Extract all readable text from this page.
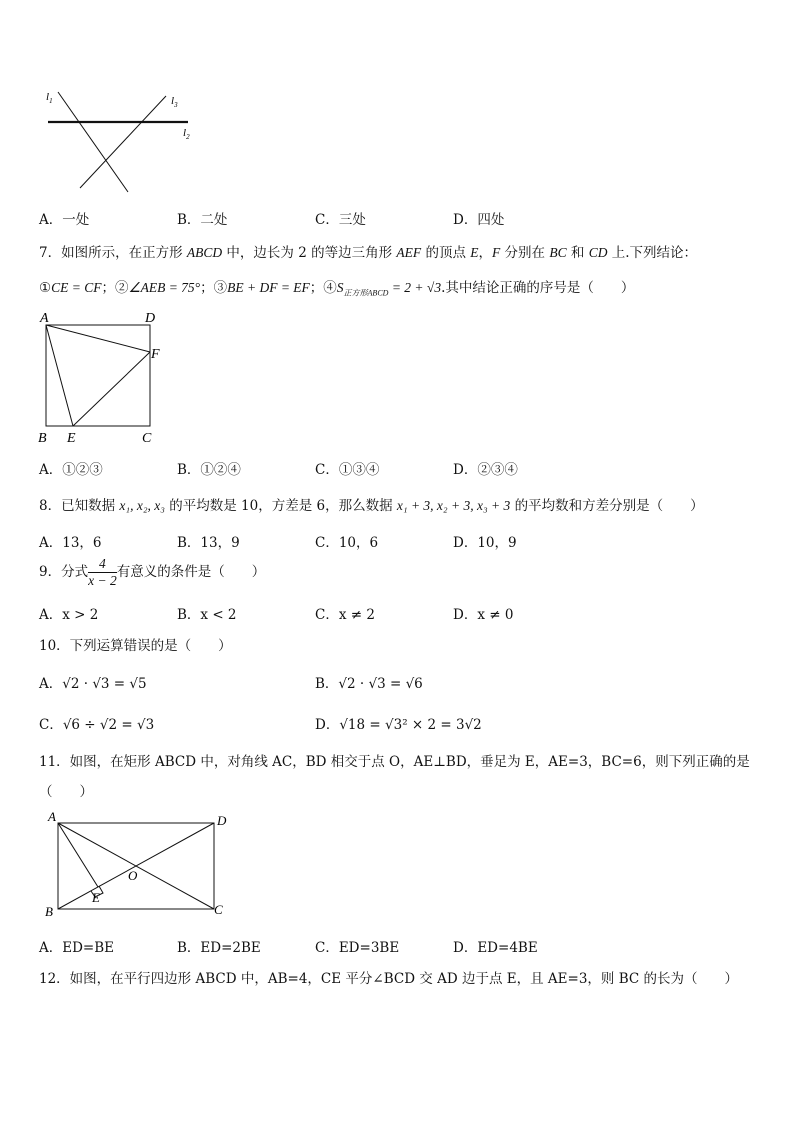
$l_1$	$l_3$
$l_2$
A．一处	B．二处	C．三处	D．四处
7．如图所示，在正方形 ABCD 中，边长为 2 的等边三角形 AEF 的顶点 E，F 分别在 BC 和 CD 上.下列结论：
①CE = CF；②∠AEB = 75°；③BE + DF = EF；$④S_{正方形ABCD} = 2 + √3$.其中结论正确的序号是（　　）
A	D
F
B E	C
A．①②③	B．①②④	C．①③④	D．②③④
8．已知数据 x₁, x₂, x₃ 的平均数是 10，方差是 6，那么数据 x₁ + 3, x₂ + 3, x₃ + 3 的平均数和方差分别是（　　）
A．13，6	B．13，9	C．10，6	D．10，9
9．分式 $\frac{4}{x - 2}$ 有意义的条件是（　　）
A．x > 2	B．x < 2	C．x ≠ 2	D．x ≠ 0
10．下列运算错误的是（　　）
A．√2 · √3 = √5	B．√2 · √3 = √6
C．√6 ÷ √2 = √3	D．√18 = √3² × 2 = 3√2
11．如图，在矩形 ABCD 中，对角线 AC，BD 相交于点 O，AE⊥BD，垂足为 E，AE=3，BC=6，则下列正确的是
（　　）
A	D
B
E
O
C
A．ED=BE	B．ED=2BE	C．ED=3BE	D．ED=4BE
12．如图，在平行四边形 ABCD 中，AB=4，CE 平分∠BCD 交 AD 边于点 E，且 AE=3，则 BC 的长为（　　）
